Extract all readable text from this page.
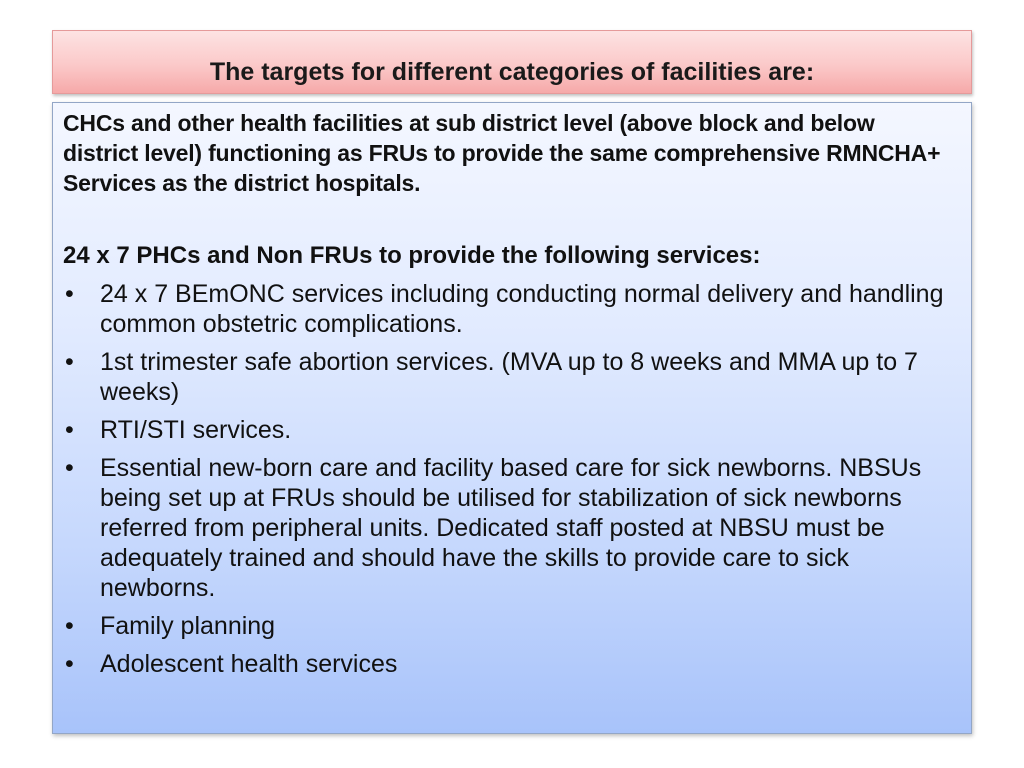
The targets for different categories of facilities are:

CHCs and other health facilities at sub district level (above block and below district level) functioning as FRUs to provide the same comprehensive RMNCHA+ Services as the district hospitals.

24 x 7 PHCs and Non FRUs to provide the following services:

•	24 x 7 BEmONC services including conducting normal delivery and handling common obstetric complications.
•	1st trimester safe abortion services. (MVA up to 8 weeks and MMA up to 7 weeks)
•	RTI/STI services.
•	Essential new-born care and facility based care for sick newborns. NBSUs being set up at FRUs should be utilised for stabilization of sick newborns referred from peripheral units. Dedicated staff posted at NBSU must be adequately trained and should have the skills to provide care to sick newborns.
•	Family planning
•	Adolescent health services
